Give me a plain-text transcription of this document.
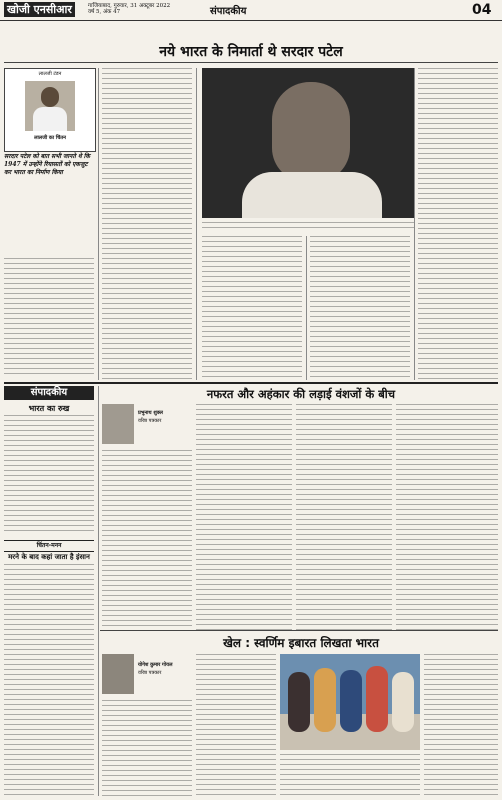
खोजी एनसीआर	गाजियाबाद, गुरुवार, 31 अक्टूबर 2022
वर्ष 5, अंक 47	संपादकीय	04
नये भारत के निमार्ता थे सरदार पटेल
लालजी टंडन
लालजी का चिंतन
सरदार पटेल को बात सभी जानते थे कि 1947 में उन्होंने रियासतों को एकजुट कर भारत का निर्माण किया
नफरत और अहंकार की लड़ाई वंशजों के बीच
संपादकीय
भारत का रुख
चिंतन-मनन
मरने के बाद कहां जाता है इंसान
प्रभुनाथ शुक्ल
वरिष्ठ पत्रकार
खेल : स्वर्णिम इबारत लिखता भारत
योगेश कुमार गोयल
वरिष्ठ पत्रकार
